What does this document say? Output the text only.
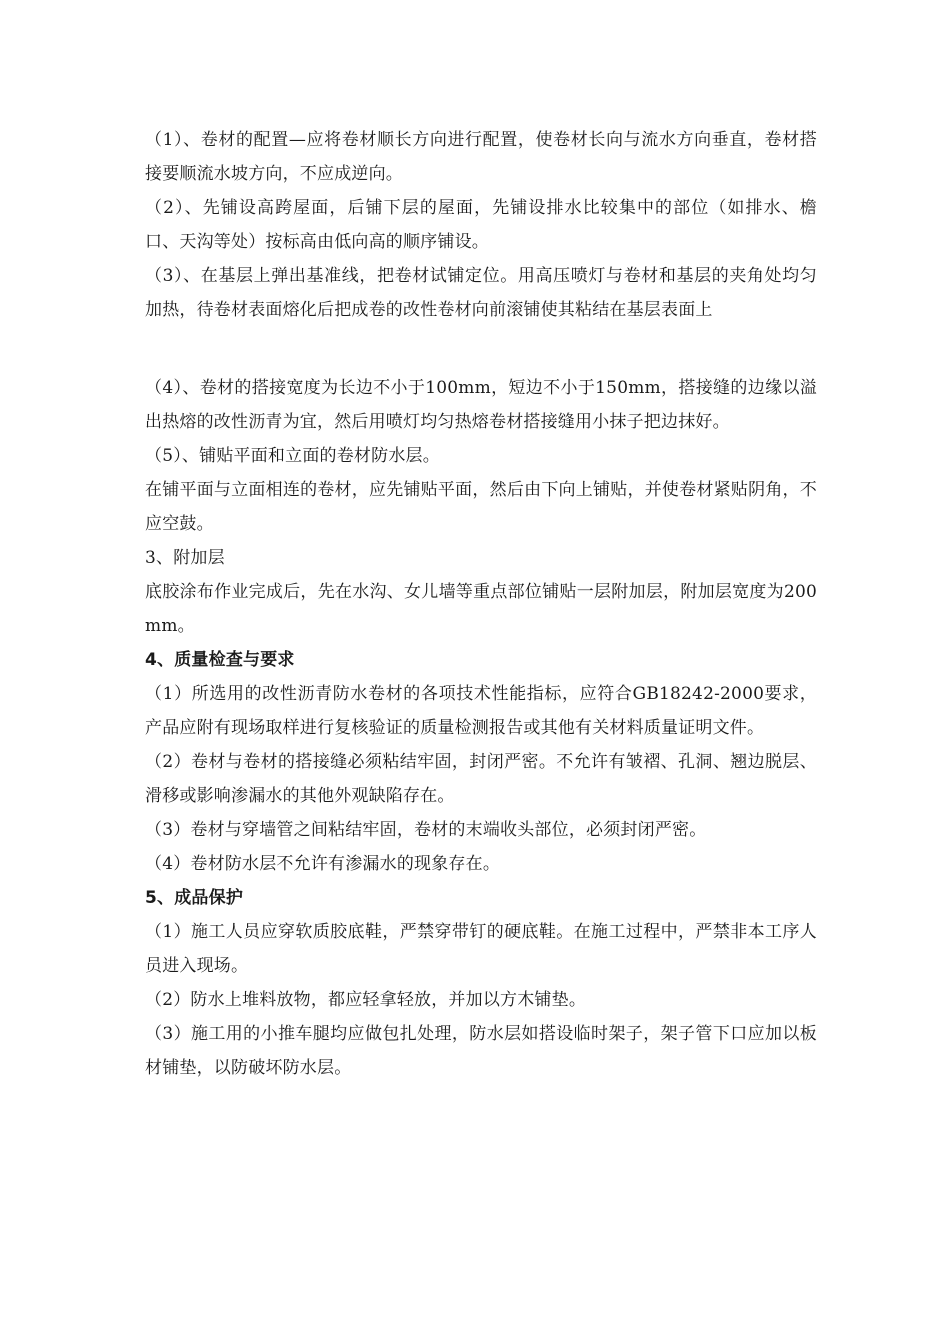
（1）、卷材的配置—应将卷材顺长方向进行配置，使卷材长向与流水方向垂直，卷材搭接要顺流水坡方向，不应成逆向。

（2）、先铺设高跨屋面，后铺下层的屋面，先铺设排水比较集中的部位（如排水、檐口、天沟等处）按标高由低向高的顺序铺设。

（3）、在基层上弹出基准线，把卷材试铺定位。用高压喷灯与卷材和基层的夹角处均匀加热，待卷材表面熔化后把成卷的改性卷材向前滚铺使其粘结在基层表面上

（4）、卷材的搭接宽度为长边不小于100mm，短边不小于150mm，搭接缝的边缘以溢出热熔的改性沥青为宜，然后用喷灯均匀热熔卷材搭接缝用小抹子把边抹好。

（5）、铺贴平面和立面的卷材防水层。

在铺平面与立面相连的卷材，应先铺贴平面，然后由下向上铺贴，并使卷材紧贴阴角，不应空鼓。

3、附加层

底胶涂布作业完成后，先在水沟、女儿墙等重点部位铺贴一层附加层，附加层宽度为200 mm。

4、质量检查与要求

（1）所选用的改性沥青防水卷材的各项技术性能指标，应符合GB18242-2000要求，产品应附有现场取样进行复核验证的质量检测报告或其他有关材料质量证明文件。

（2）卷材与卷材的搭接缝必须粘结牢固，封闭严密。不允许有皱褶、孔洞、翘边脱层、滑移或影响渗漏水的其他外观缺陷存在。

（3）卷材与穿墙管之间粘结牢固，卷材的末端收头部位，必须封闭严密。

（4）卷材防水层不允许有渗漏水的现象存在。

5、成品保护

（1）施工人员应穿软质胶底鞋，严禁穿带钉的硬底鞋。在施工过程中，严禁非本工序人员进入现场。

（2）防水上堆料放物，都应轻拿轻放，并加以方木铺垫。

（3）施工用的小推车腿均应做包扎处理，防水层如搭设临时架子，架子管下口应加以板材铺垫，以防破坏防水层。
